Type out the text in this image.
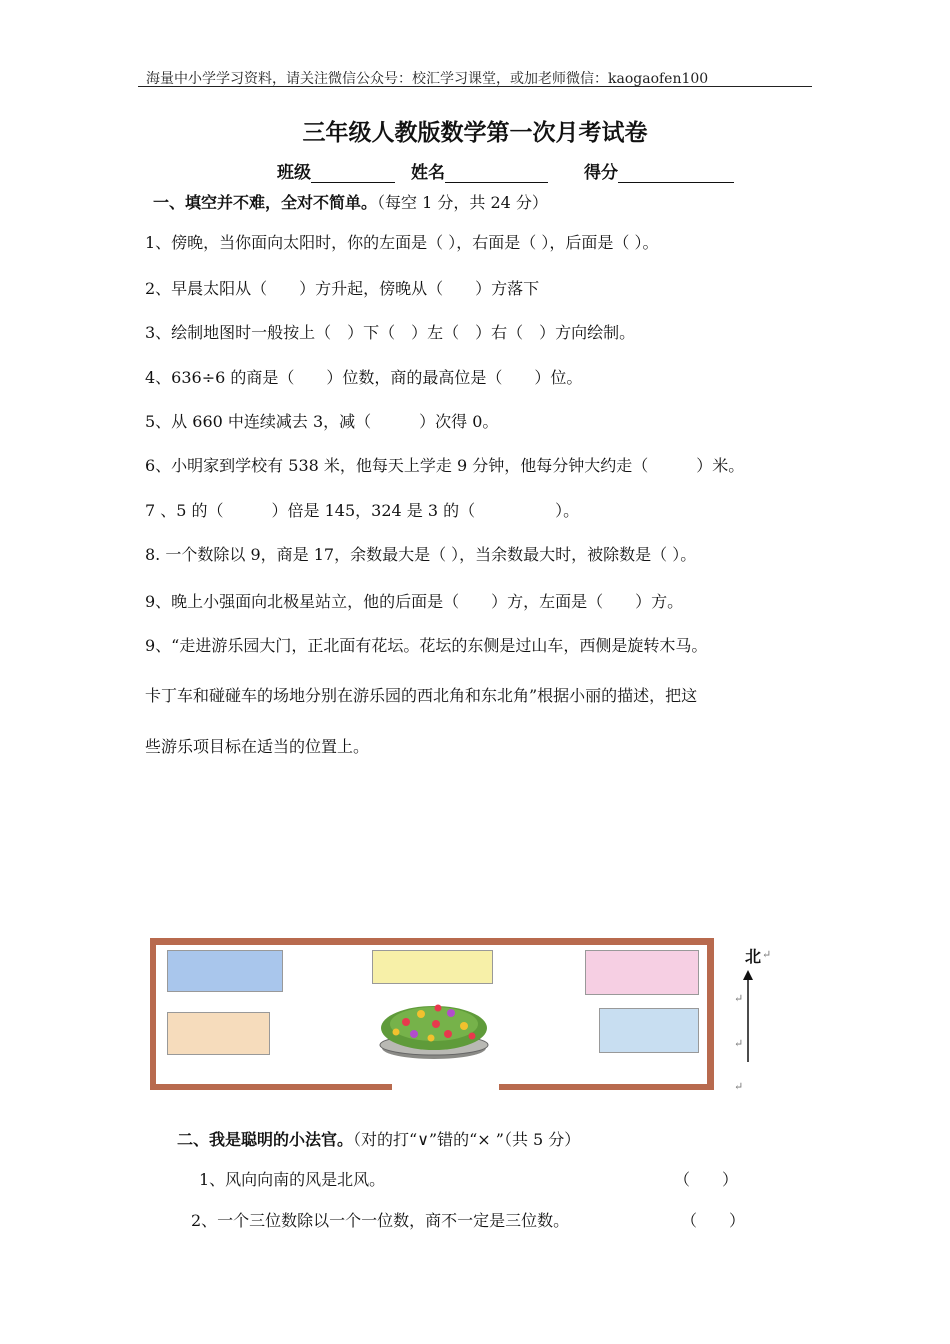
海量中小学学习资料，请关注微信公众号：校汇学习课堂，或加老师微信：kaogaofen100
三年级人教版数学第一次月考试卷
班级	姓名	得分
一、填空并不难，全对不简单。（每空 1 分，共 24 分）
1、傍晚，当你面向太阳时，你的左面是（ ），右面是（ ），后面是（ ）。
2、早晨太阳从（　　）方升起，傍晚从（　　）方落下
3、绘制地图时一般按上（　）下（　）左（　）右（　）方向绘制。
4、636÷6 的商是（　　）位数，商的最高位是（　　）位。
5、从 660 中连续减去 3，减（　　　）次得 0。
6、小明家到学校有 538 米，他每天上学走 9 分钟，他每分钟大约走（　　　）米。
7 、5 的（　　　）倍是 145，324 是 3 的（　　　　　）。
8. 一个数除以 9，商是 17，余数最大是（ ），当余数最大时，被除数是（ ）。
9、晚上小强面向北极星站立，他的后面是（　　）方，左面是（　　）方。
9、“走进游乐园大门，正北面有花坛。花坛的东侧是过山车，西侧是旋转木马。
卡丁车和碰碰车的场地分别在游乐园的西北角和东北角”根据小丽的描述，把这
些游乐项目标在适当的位置上。
北 ↵
↵
↵
↵
二、我是聪明的小法官。（对的打“∨”错的“× ”（共 5 分）
1、风向向南的风是北风。	（　　）
2、一个三位数除以一个一位数，商不一定是三位数。	（　　）
